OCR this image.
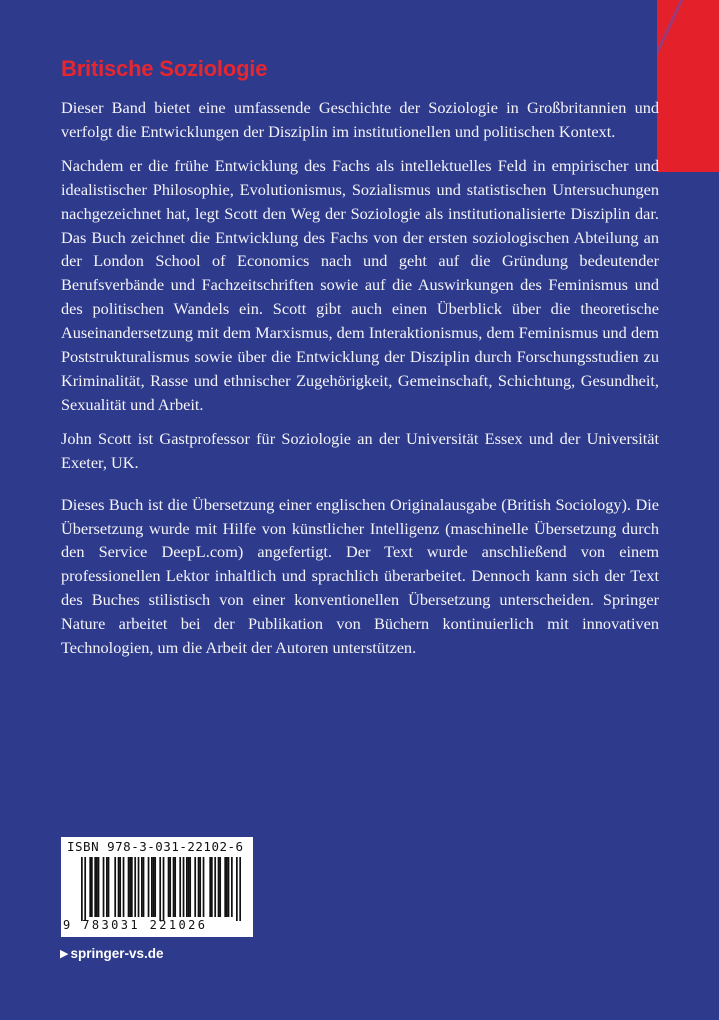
Britische Soziologie

Dieser Band bietet eine umfassende Geschichte der Soziologie in Großbritannien und verfolgt die Entwicklungen der Disziplin im institutionellen und politischen Kontext.

Nachdem er die frühe Entwicklung des Fachs als intellektuelles Feld in empirischer und idealistischer Philosophie, Evolutionismus, Sozialismus und statistischen Untersuchungen nachgezeichnet hat, legt Scott den Weg der Soziologie als institutionalisierte Disziplin dar. Das Buch zeichnet die Entwicklung des Fachs von der ersten soziologischen Abteilung an der London School of Economics nach und geht auf die Gründung bedeutender Berufsverbände und Fachzeitschriften sowie auf die Auswirkungen des Feminismus und des politischen Wandels ein. Scott gibt auch einen Überblick über die theoretische Auseinandersetzung mit dem Marxismus, dem Interaktionismus, dem Feminismus und dem Poststrukturalismus sowie über die Entwicklung der Disziplin durch Forschungsstudien zu Kriminalität, Rasse und ethnischer Zugehörigkeit, Gemeinschaft, Schichtung, Gesundheit, Sexualität und Arbeit.

John Scott ist Gastprofessor für Soziologie an der Universität Essex und der Universität Exeter, UK.

Dieses Buch ist die Übersetzung einer englischen Originalausgabe (British Sociology). Die Übersetzung wurde mit Hilfe von künstlicher Intelligenz (maschinelle Übersetzung durch den Service DeepL.com) angefertigt. Der Text wurde anschließend von einem professionellen Lektor inhaltlich und sprachlich überarbeitet. Dennoch kann sich der Text des Buches stilistisch von einer konventionellen Übersetzung unterscheiden. Springer Nature arbeitet bei der Publikation von Büchern kontinuierlich mit innovativen Technologien, um die Arbeit der Autoren unterstützen.

ISBN 978-3-031-22102-6
9 783031 221026
▶ springer-vs.de
